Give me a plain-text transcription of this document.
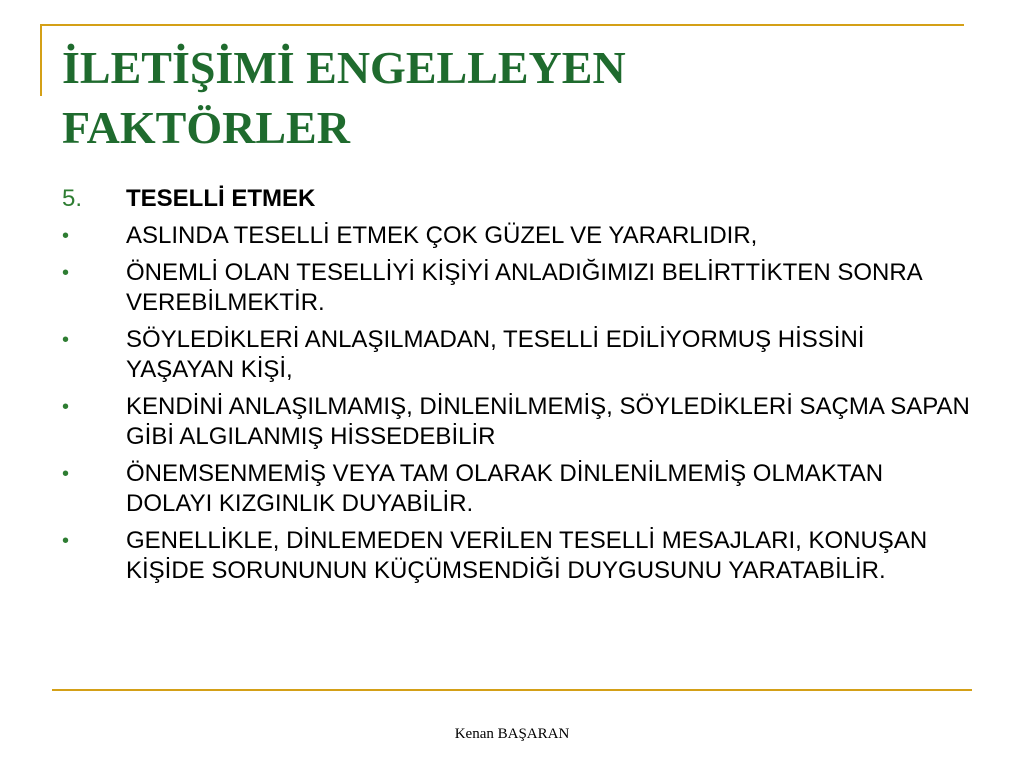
İLETİŞİMİ ENGELLEYEN
FAKTÖRLER
5.	TESELLİ ETMEK
•	ASLINDA TESELLİ ETMEK ÇOK GÜZEL VE YARARLIDIR,
•	ÖNEMLİ OLAN TESELLİYİ KİŞİYİ ANLADIĞIMIZI BELİRTTİKTEN SONRA VEREBİLMEKTİR.
•	SÖYLEDİKLERİ ANLAŞILMADAN, TESELLİ EDİLİYORMUŞ HİSSİNİ YAŞAYAN KİŞİ,
•	KENDİNİ ANLAŞILMAMIŞ, DİNLENİLMEMİŞ, SÖYLEDİKLERİ SAÇMA SAPAN GİBİ ALGILANMIŞ HİSSEDEBİLİR
•	ÖNEMSENMEMİŞ VEYA TAM OLARAK DİNLENİLMEMİŞ OLMAKTAN DOLAYI KIZGINLIK DUYABİLİR.
•	GENELLİKLE, DİNLEMEDEN VERİLEN TESELLİ MESAJLARI, KONUŞAN KİŞİDE SORUNUNUN KÜÇÜMSENDİĞİ DUYGUSUNU YARATABİLİR.
Kenan BAŞARAN
